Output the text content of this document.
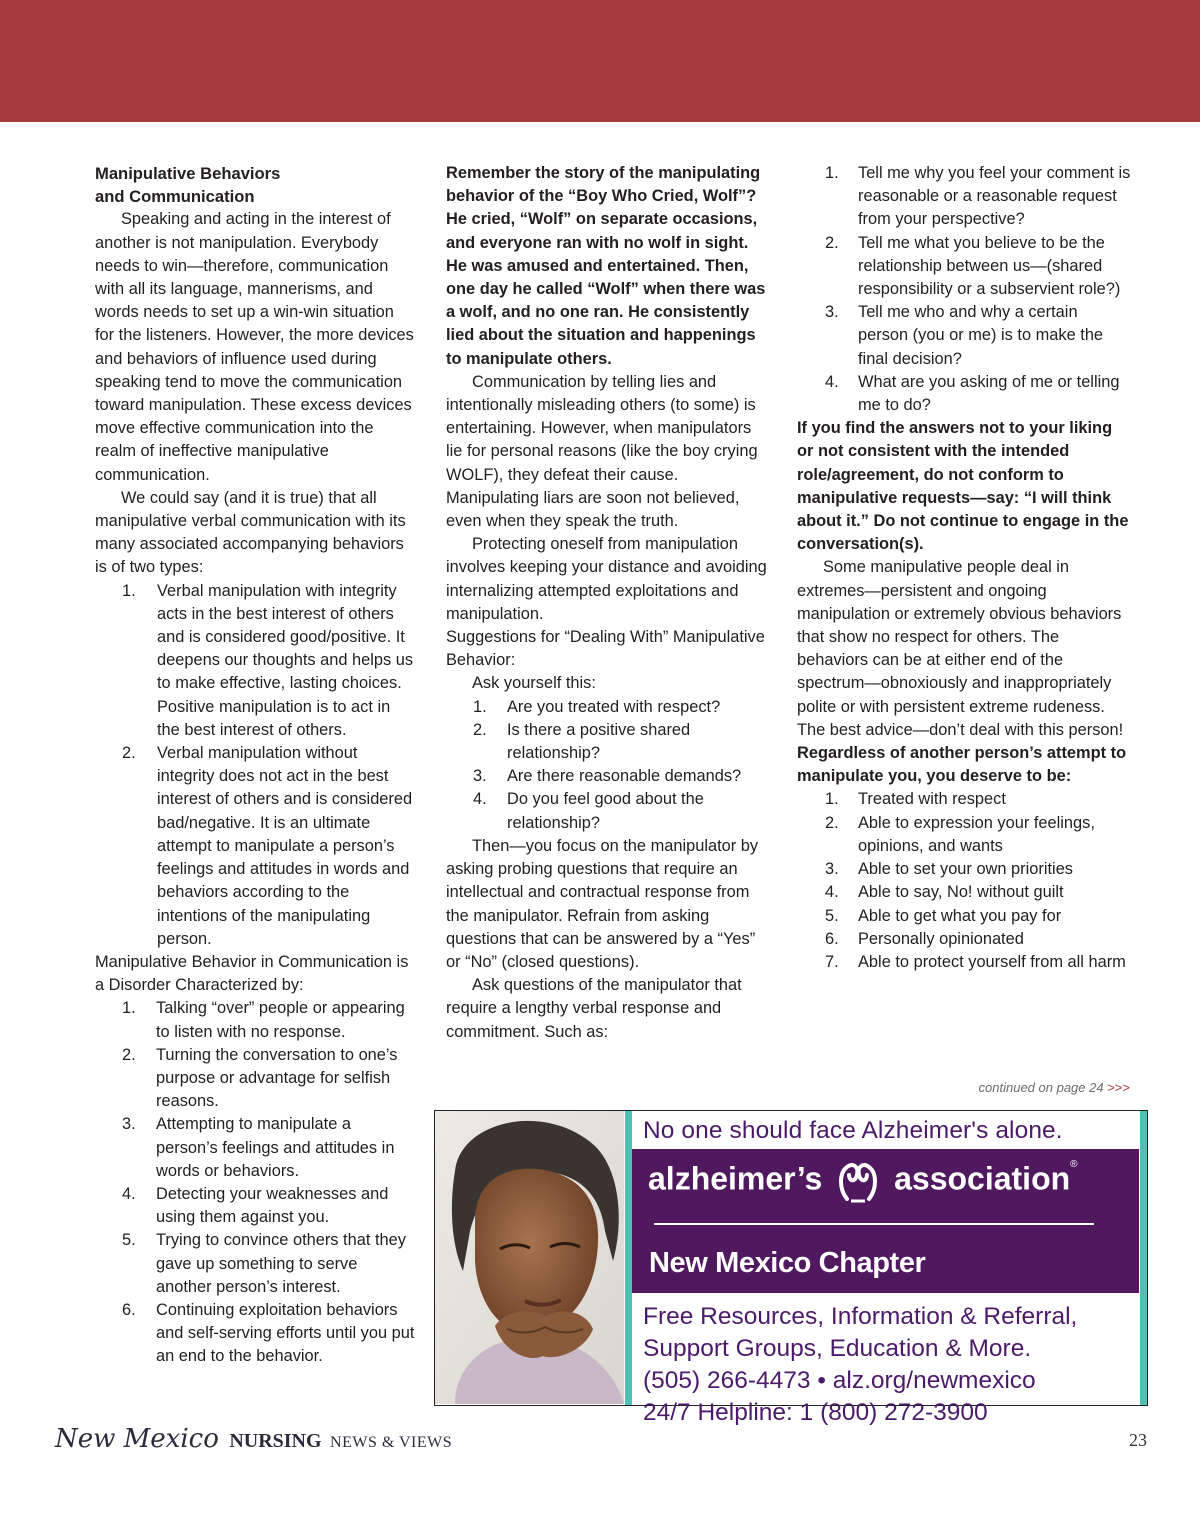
Manipulative Behaviors
and Communication

Speaking and acting in the interest of another is not manipulation. Everybody needs to win—therefore, communication with all its language, mannerisms, and words needs to set up a win-win situation for the listeners. However, the more devices and behaviors of influence used during speaking tend to move the communication toward manipulation. These excess devices move effective communication into the realm of ineffective manipulative communication.

We could say (and it is true) that all manipulative verbal communication with its many associated accompanying behaviors is of two types:

1. Verbal manipulation with integrity acts in the best interest of others and is considered good/positive. It deepens our thoughts and helps us to make effective, lasting choices. Positive manipulation is to act in the best interest of others.
2. Verbal manipulation without integrity does not act in the best interest of others and is considered bad/negative. It is an ultimate attempt to manipulate a person’s feelings and attitudes in words and behaviors according to the intentions of the manipulating person.

Manipulative Behavior in Communication is a Disorder Characterized by:

1. Talking “over” people or appearing to listen with no response.
2. Turning the conversation to one’s purpose or advantage for selfish reasons.
3. Attempting to manipulate a person’s feelings and attitudes in words or behaviors.
4. Detecting your weaknesses and using them against you.
5. Trying to convince others that they gave up something to serve another person’s interest.
6. Continuing exploitation behaviors and self-serving efforts until you put an end to the behavior.

Remember the story of the manipulating behavior of the “Boy Who Cried, Wolf”? He cried, “Wolf” on separate occasions, and everyone ran with no wolf in sight. He was amused and entertained. Then, one day he called “Wolf” when there was a wolf, and no one ran. He consistently lied about the situation and happenings to manipulate others.

Communication by telling lies and intentionally misleading others (to some) is entertaining. However, when manipulators lie for personal reasons (like the boy crying WOLF), they defeat their cause. Manipulating liars are soon not believed, even when they speak the truth.

Protecting oneself from manipulation involves keeping your distance and avoiding internalizing attempted exploitations and manipulation.

Suggestions for “Dealing With” Manipulative Behavior:

Ask yourself this:

1. Are you treated with respect?
2. Is there a positive shared relationship?
3. Are there reasonable demands?
4. Do you feel good about the relationship?

Then—you focus on the manipulator by asking probing questions that require an intellectual and contractual response from the manipulator. Refrain from asking questions that can be answered by a “Yes” or “No” (closed questions).

Ask questions of the manipulator that require a lengthy verbal response and commitment. Such as:

1. Tell me why you feel your comment is reasonable or a reasonable request from your perspective?
2. Tell me what you believe to be the relationship between us—(shared responsibility or a subservient role?)
3. Tell me who and why a certain person (you or me) is to make the final decision?
4. What are you asking of me or telling me to do?

If you find the answers not to your liking or not consistent with the intended role/agreement, do not conform to manipulative requests—say: “I will think about it.” Do not continue to engage in the conversation(s).

Some manipulative people deal in extremes—persistent and ongoing manipulation or extremely obvious behaviors that show no respect for others. The behaviors can be at either end of the spectrum—obnoxiously and inappropriately polite or with persistent extreme rudeness. The best advice—don’t deal with this person!

Regardless of another person’s attempt to manipulate you, you deserve to be:

1. Treated with respect
2. Able to expression your feelings, opinions, and wants
3. Able to set your own priorities
4. Able to say, No! without guilt
5. Able to get what you pay for
6. Personally opinionated
7. Able to protect yourself from all harm
continued on page 24 >>>
No one should face Alzheimer's alone.
alzheimer’s association®
New Mexico Chapter
Free Resources, Information & Referral,
Support Groups, Education & More.
(505) 266-4473 • alz.org/newmexico
24/7 Helpline: 1 (800) 272-3900
New Mexico NURSING NEWS & VIEWS	23
